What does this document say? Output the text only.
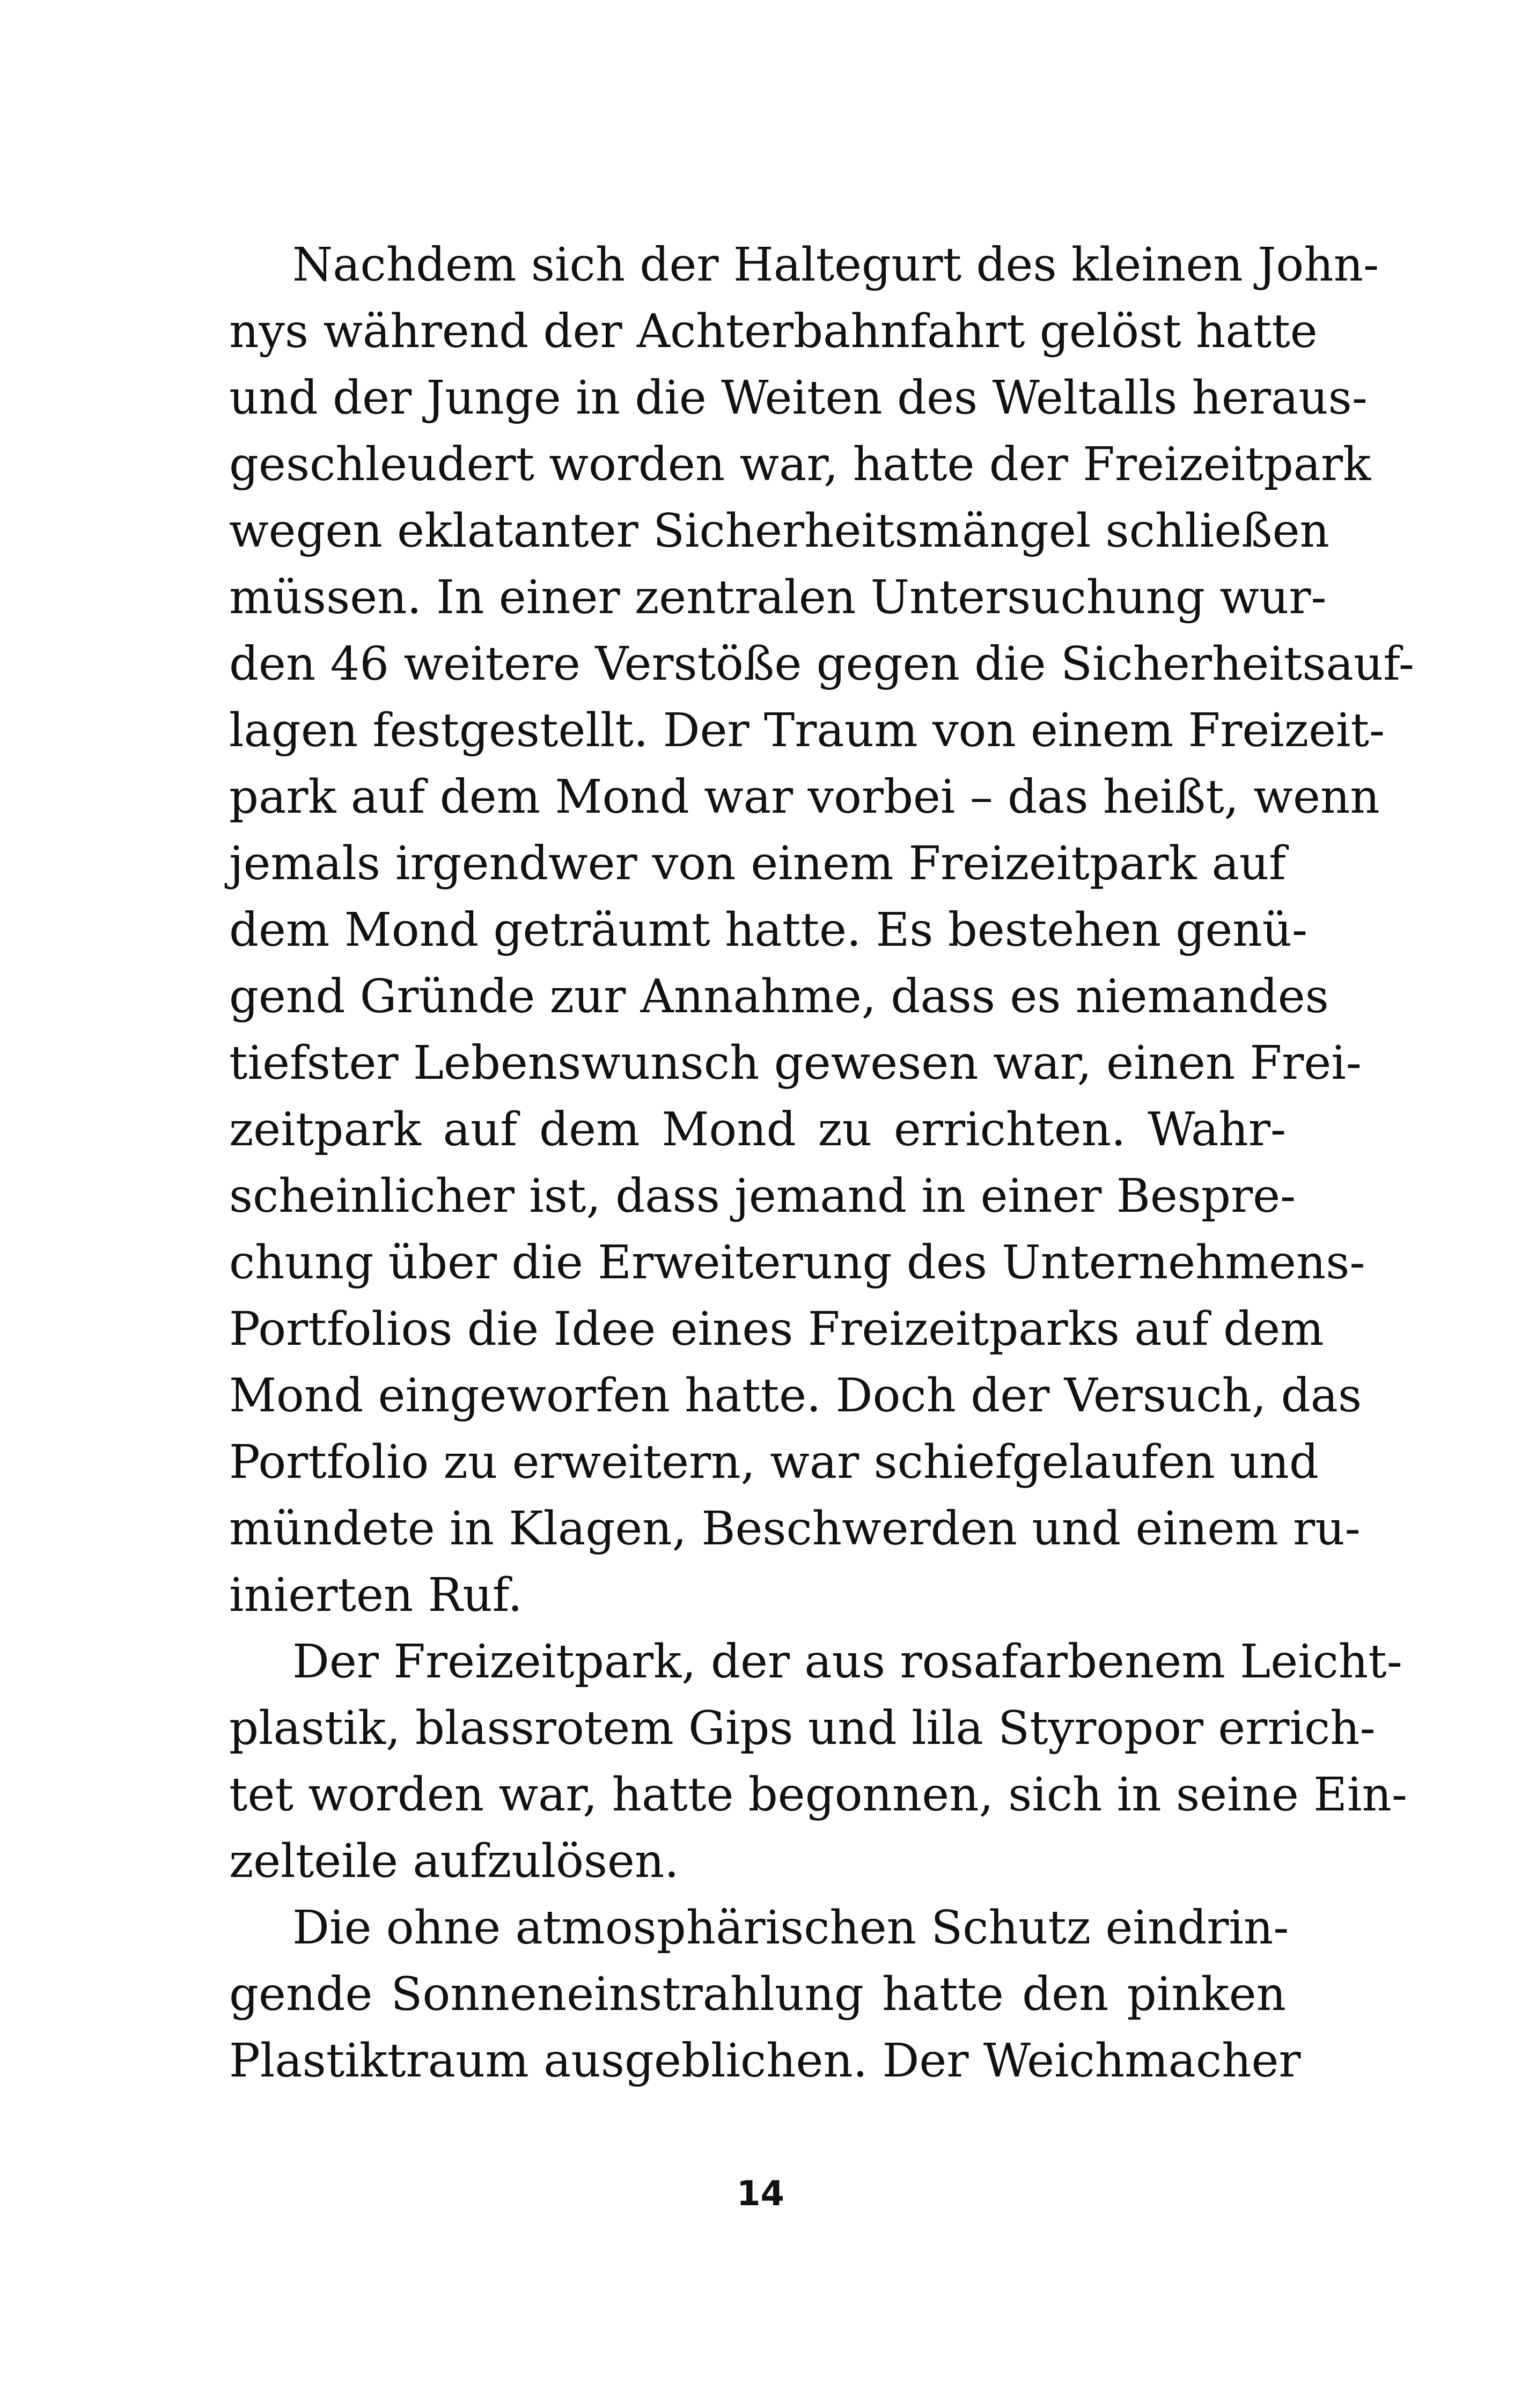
Nachdem sich der Haltegurt des kleinen John-
nys während der Achterbahnfahrt gelöst hatte
und der Junge in die Weiten des Weltalls heraus-
geschleudert worden war, hatte der Freizeitpark
wegen eklatanter Sicherheitsmängel schließen
müssen. In einer zentralen Untersuchung wur-
den 46 weitere Verstöße gegen die Sicherheitsauf-
lagen festgestellt. Der Traum von einem Freizeit-
park auf dem Mond war vorbei – das heißt, wenn
jemals irgendwer von einem Freizeitpark auf
dem Mond geträumt hatte. Es bestehen genü-
gend Gründe zur Annahme, dass es niemandes
tiefster Lebenswunsch gewesen war, einen Frei-
zeitpark auf dem Mond zu errichten. Wahr-
scheinlicher ist, dass jemand in einer Bespre-
chung über die Erweiterung des Unternehmens-
Portfolios die Idee eines Freizeitparks auf dem
Mond eingeworfen hatte. Doch der Versuch, das
Portfolio zu erweitern, war schiefgelaufen und
mündete in Klagen, Beschwerden und einem ru-
inierten Ruf.
Der Freizeitpark, der aus rosafarbenem Leicht-
plastik, blassrotem Gips und lila Styropor errich-
tet worden war, hatte begonnen, sich in seine Ein-
zelteile aufzulösen.
Die ohne atmosphärischen Schutz eindrin-
gende Sonneneinstrahlung hatte den pinken
Plastiktraum ausgeblichen. Der Weichmacher
14
